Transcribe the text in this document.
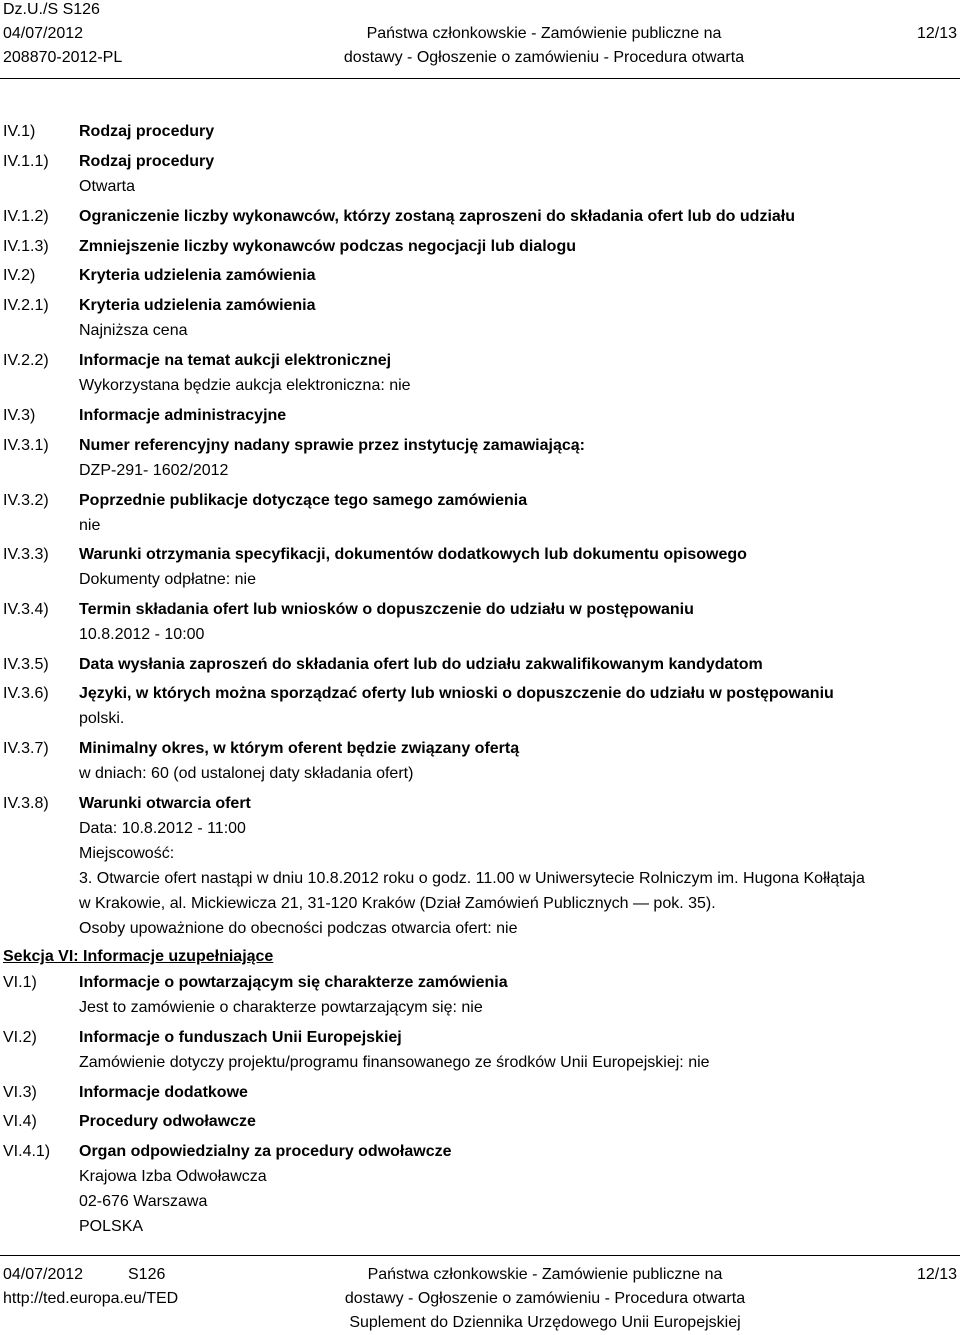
Dz.U./S S126
04/07/2012
208870-2012-PL
Państwa członkowskie - Zamówienie publiczne na
dostawy - Ogłoszenie o zamówieniu - Procedura otwarta
12/13
IV.1)	Rodzaj procedury
IV.1.1) Rodzaj procedury
Otwarta
IV.1.2) Ograniczenie liczby wykonawców, którzy zostaną zaproszeni do składania ofert lub do udziału
IV.1.3) Zmniejszenie liczby wykonawców podczas negocjacji lub dialogu
IV.2)	Kryteria udzielenia zamówienia
IV.2.1) Kryteria udzielenia zamówienia
Najniższa cena
IV.2.2) Informacje na temat aukcji elektronicznej
Wykorzystana będzie aukcja elektroniczna: nie
IV.3)	Informacje administracyjne
IV.3.1) Numer referencyjny nadany sprawie przez instytucję zamawiającą:
DZP-291- 1602/2012
IV.3.2) Poprzednie publikacje dotyczące tego samego zamówienia
nie
IV.3.3) Warunki otrzymania specyfikacji, dokumentów dodatkowych lub dokumentu opisowego
Dokumenty odpłatne: nie
IV.3.4) Termin składania ofert lub wniosków o dopuszczenie do udziału w postępowaniu
10.8.2012 - 10:00
IV.3.5) Data wysłania zaproszeń do składania ofert lub do udziału zakwalifikowanym kandydatom
IV.3.6) Języki, w których można sporządzać oferty lub wnioski o dopuszczenie do udziału w postępowaniu
polski.
IV.3.7) Minimalny okres, w którym oferent będzie związany ofertą
w dniach: 60 (od ustalonej daty składania ofert)
IV.3.8) Warunki otwarcia ofert
Data: 10.8.2012 - 11:00
Miejscowość:
3. Otwarcie ofert nastąpi w dniu 10.8.2012 roku o godz. 11.00 w Uniwersytecie Rolniczym im. Hugona Kołłątaja
w Krakowie, al. Mickiewicza 21, 31-120 Kraków (Dział Zamówień Publicznych — pok. 35).
Osoby upoważnione do obecności podczas otwarcia ofert: nie
Sekcja VI: Informacje uzupełniające
VI.1)	Informacje o powtarzającym się charakterze zamówienia
Jest to zamówienie o charakterze powtarzającym się: nie
VI.2)	Informacje o funduszach Unii Europejskiej
Zamówienie dotyczy projektu/programu finansowanego ze środków Unii Europejskiej: nie
VI.3)	Informacje dodatkowe
VI.4)	Procedury odwoławcze
VI.4.1) Organ odpowiedzialny za procedury odwoławcze
Krajowa Izba Odwoławcza
02-676 Warszawa
POLSKA
04/07/2012	S126
http://ted.europa.eu/TED
Państwa członkowskie - Zamówienie publiczne na
dostawy - Ogłoszenie o zamówieniu - Procedura otwarta
Suplement do Dziennika Urzędowego Unii Europejskiej
12/13
